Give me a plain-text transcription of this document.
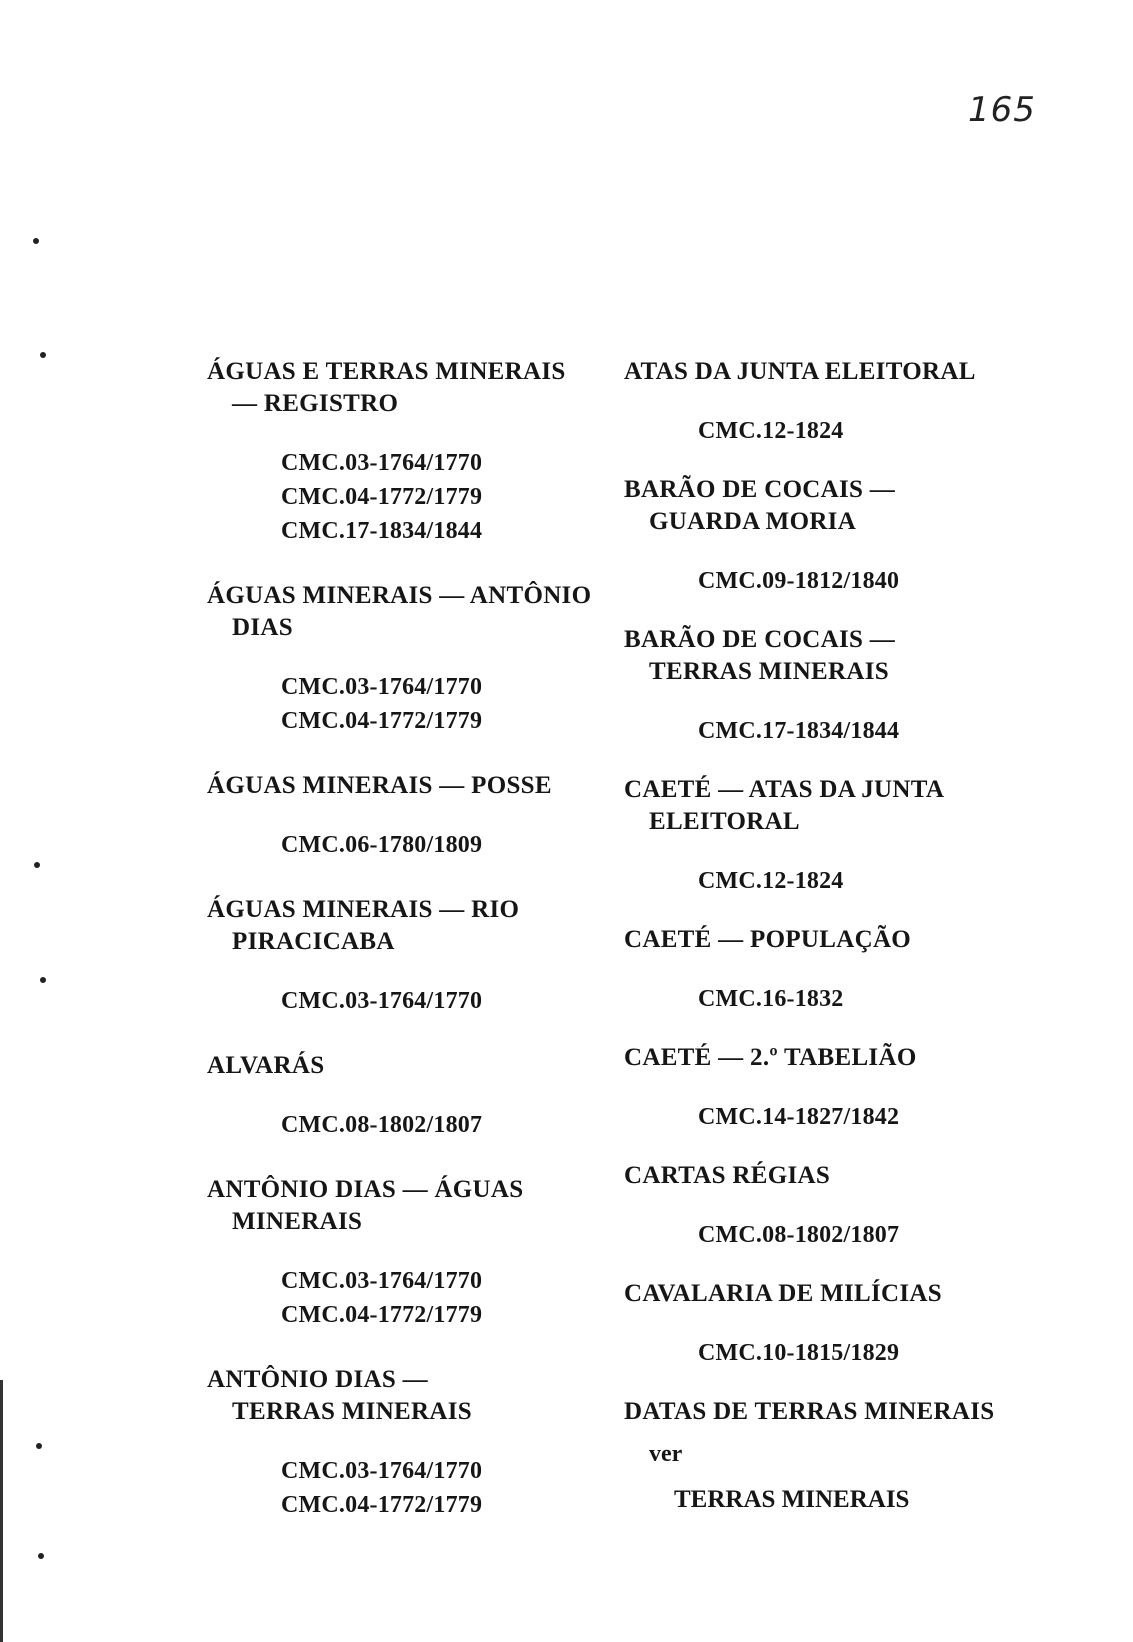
165
ÁGUAS E TERRAS MINERAIS
— REGISTRO
CMC.03-1764/1770
CMC.04-1772/1779
CMC.17-1834/1844
ÁGUAS MINERAIS — ANTÔNIO
DIAS
CMC.03-1764/1770
CMC.04-1772/1779
ÁGUAS MINERAIS — POSSE
CMC.06-1780/1809
ÁGUAS MINERAIS — RIO
PIRACICABA
CMC.03-1764/1770
ALVARÁS
CMC.08-1802/1807
ANTÔNIO DIAS — ÁGUAS
MINERAIS
CMC.03-1764/1770
CMC.04-1772/1779
ANTÔNIO DIAS —
TERRAS MINERAIS
CMC.03-1764/1770
CMC.04-1772/1779
ATAS DA JUNTA ELEITORAL
CMC.12-1824
BARÃO DE COCAIS —
GUARDA MORIA
CMC.09-1812/1840
BARÃO DE COCAIS —
TERRAS MINERAIS
CMC.17-1834/1844
CAETÉ — ATAS DA JUNTA
ELEITORAL
CMC.12-1824
CAETÉ — POPULAÇÃO
CMC.16-1832
CAETÉ — 2.º TABELIÃO
CMC.14-1827/1842
CARTAS RÉGIAS
CMC.08-1802/1807
CAVALARIA DE MILÍCIAS
CMC.10-1815/1829
DATAS DE TERRAS MINERAIS
ver
TERRAS MINERAIS
